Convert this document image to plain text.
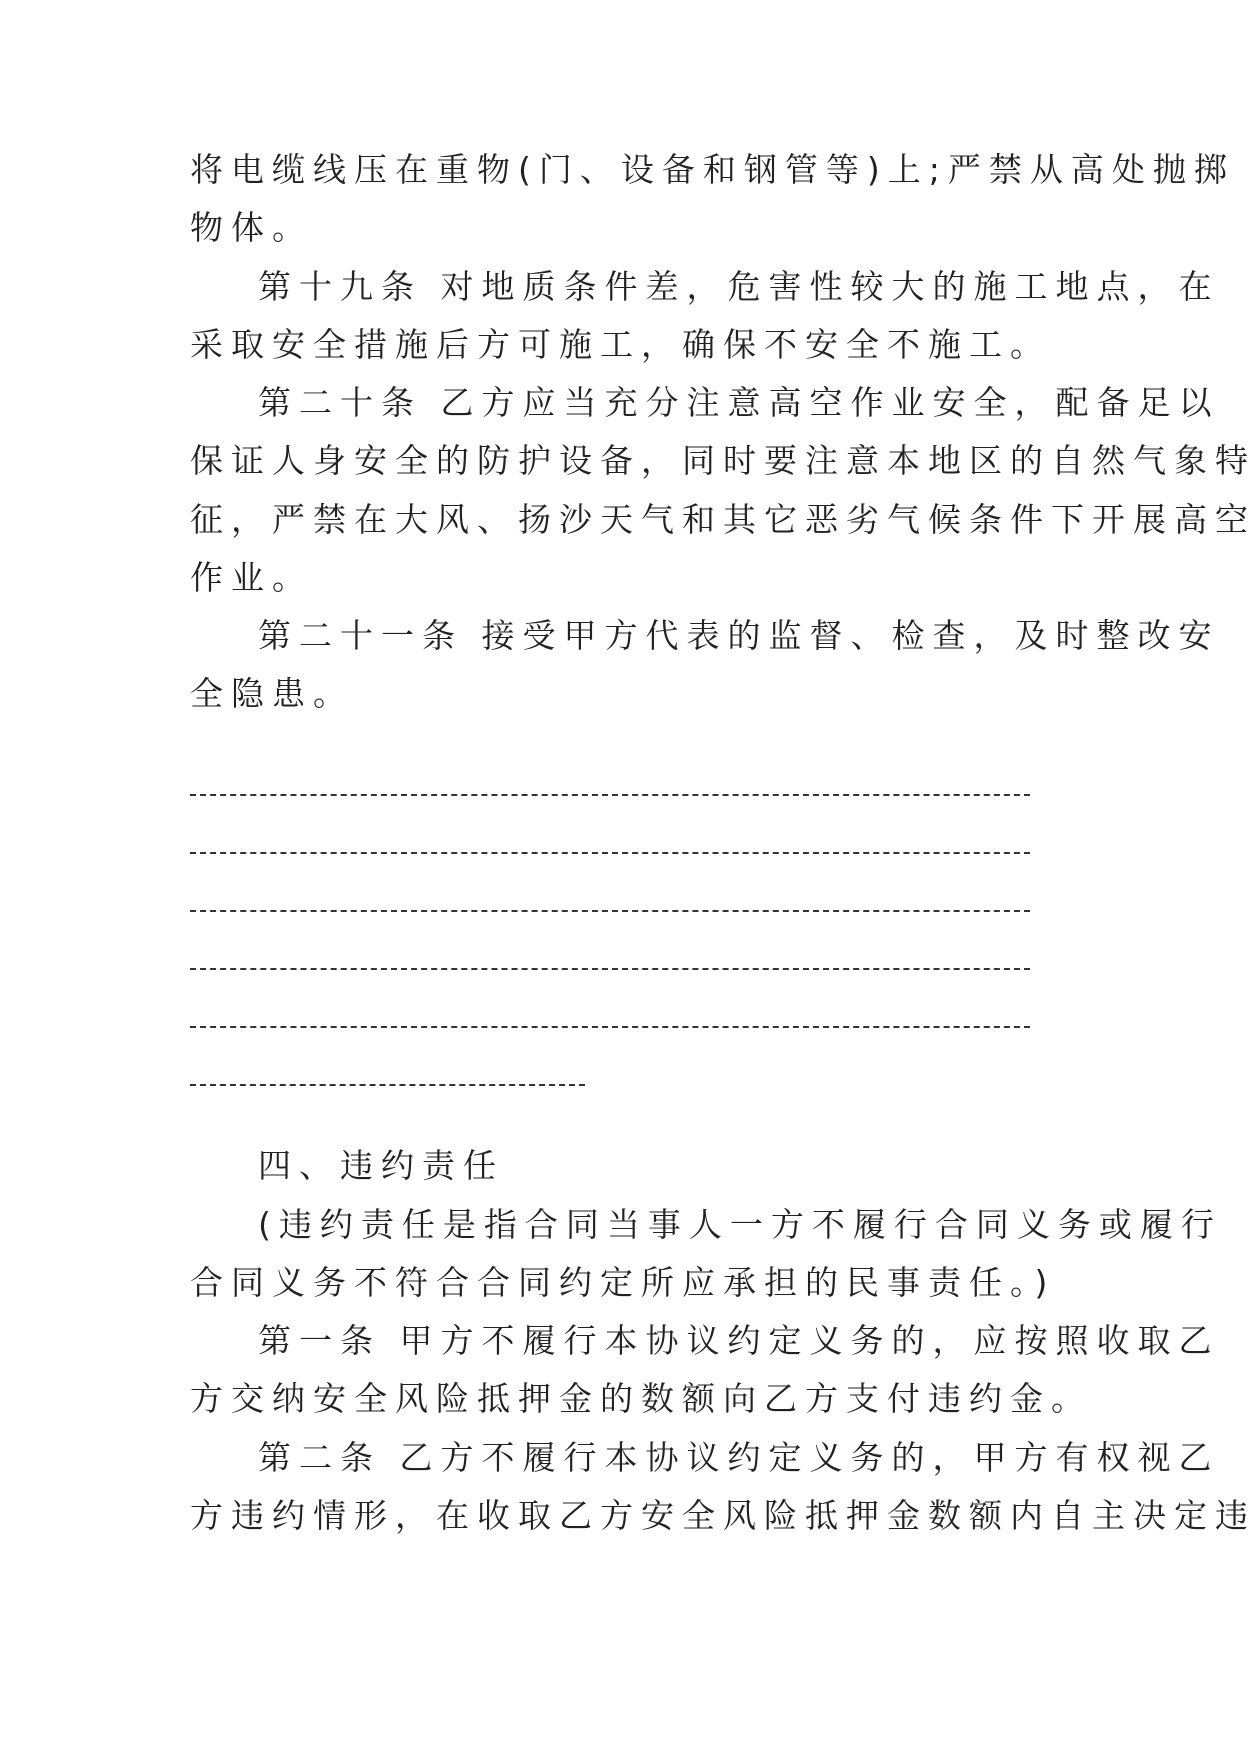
将电缆线压在重物(门、设备和钢管等)上;严禁从高处抛掷
物体。
第十九条 对地质条件差，危害性较大的施工地点，在
采取安全措施后方可施工，确保不安全不施工。
第二十条 乙方应当充分注意高空作业安全，配备足以
保证人身安全的防护设备，同时要注意本地区的自然气象特
征，严禁在大风、扬沙天气和其它恶劣气候条件下开展高空
作业。
第二十一条 接受甲方代表的监督、检查，及时整改安
全隐患。
四、违约责任
(违约责任是指合同当事人一方不履行合同义务或履行
合同义务不符合合同约定所应承担的民事责任。)
第一条 甲方不履行本协议约定义务的，应按照收取乙
方交纳安全风险抵押金的数额向乙方支付违约金。
第二条 乙方不履行本协议约定义务的，甲方有权视乙
方违约情形，在收取乙方安全风险抵押金数额内自主决定违
